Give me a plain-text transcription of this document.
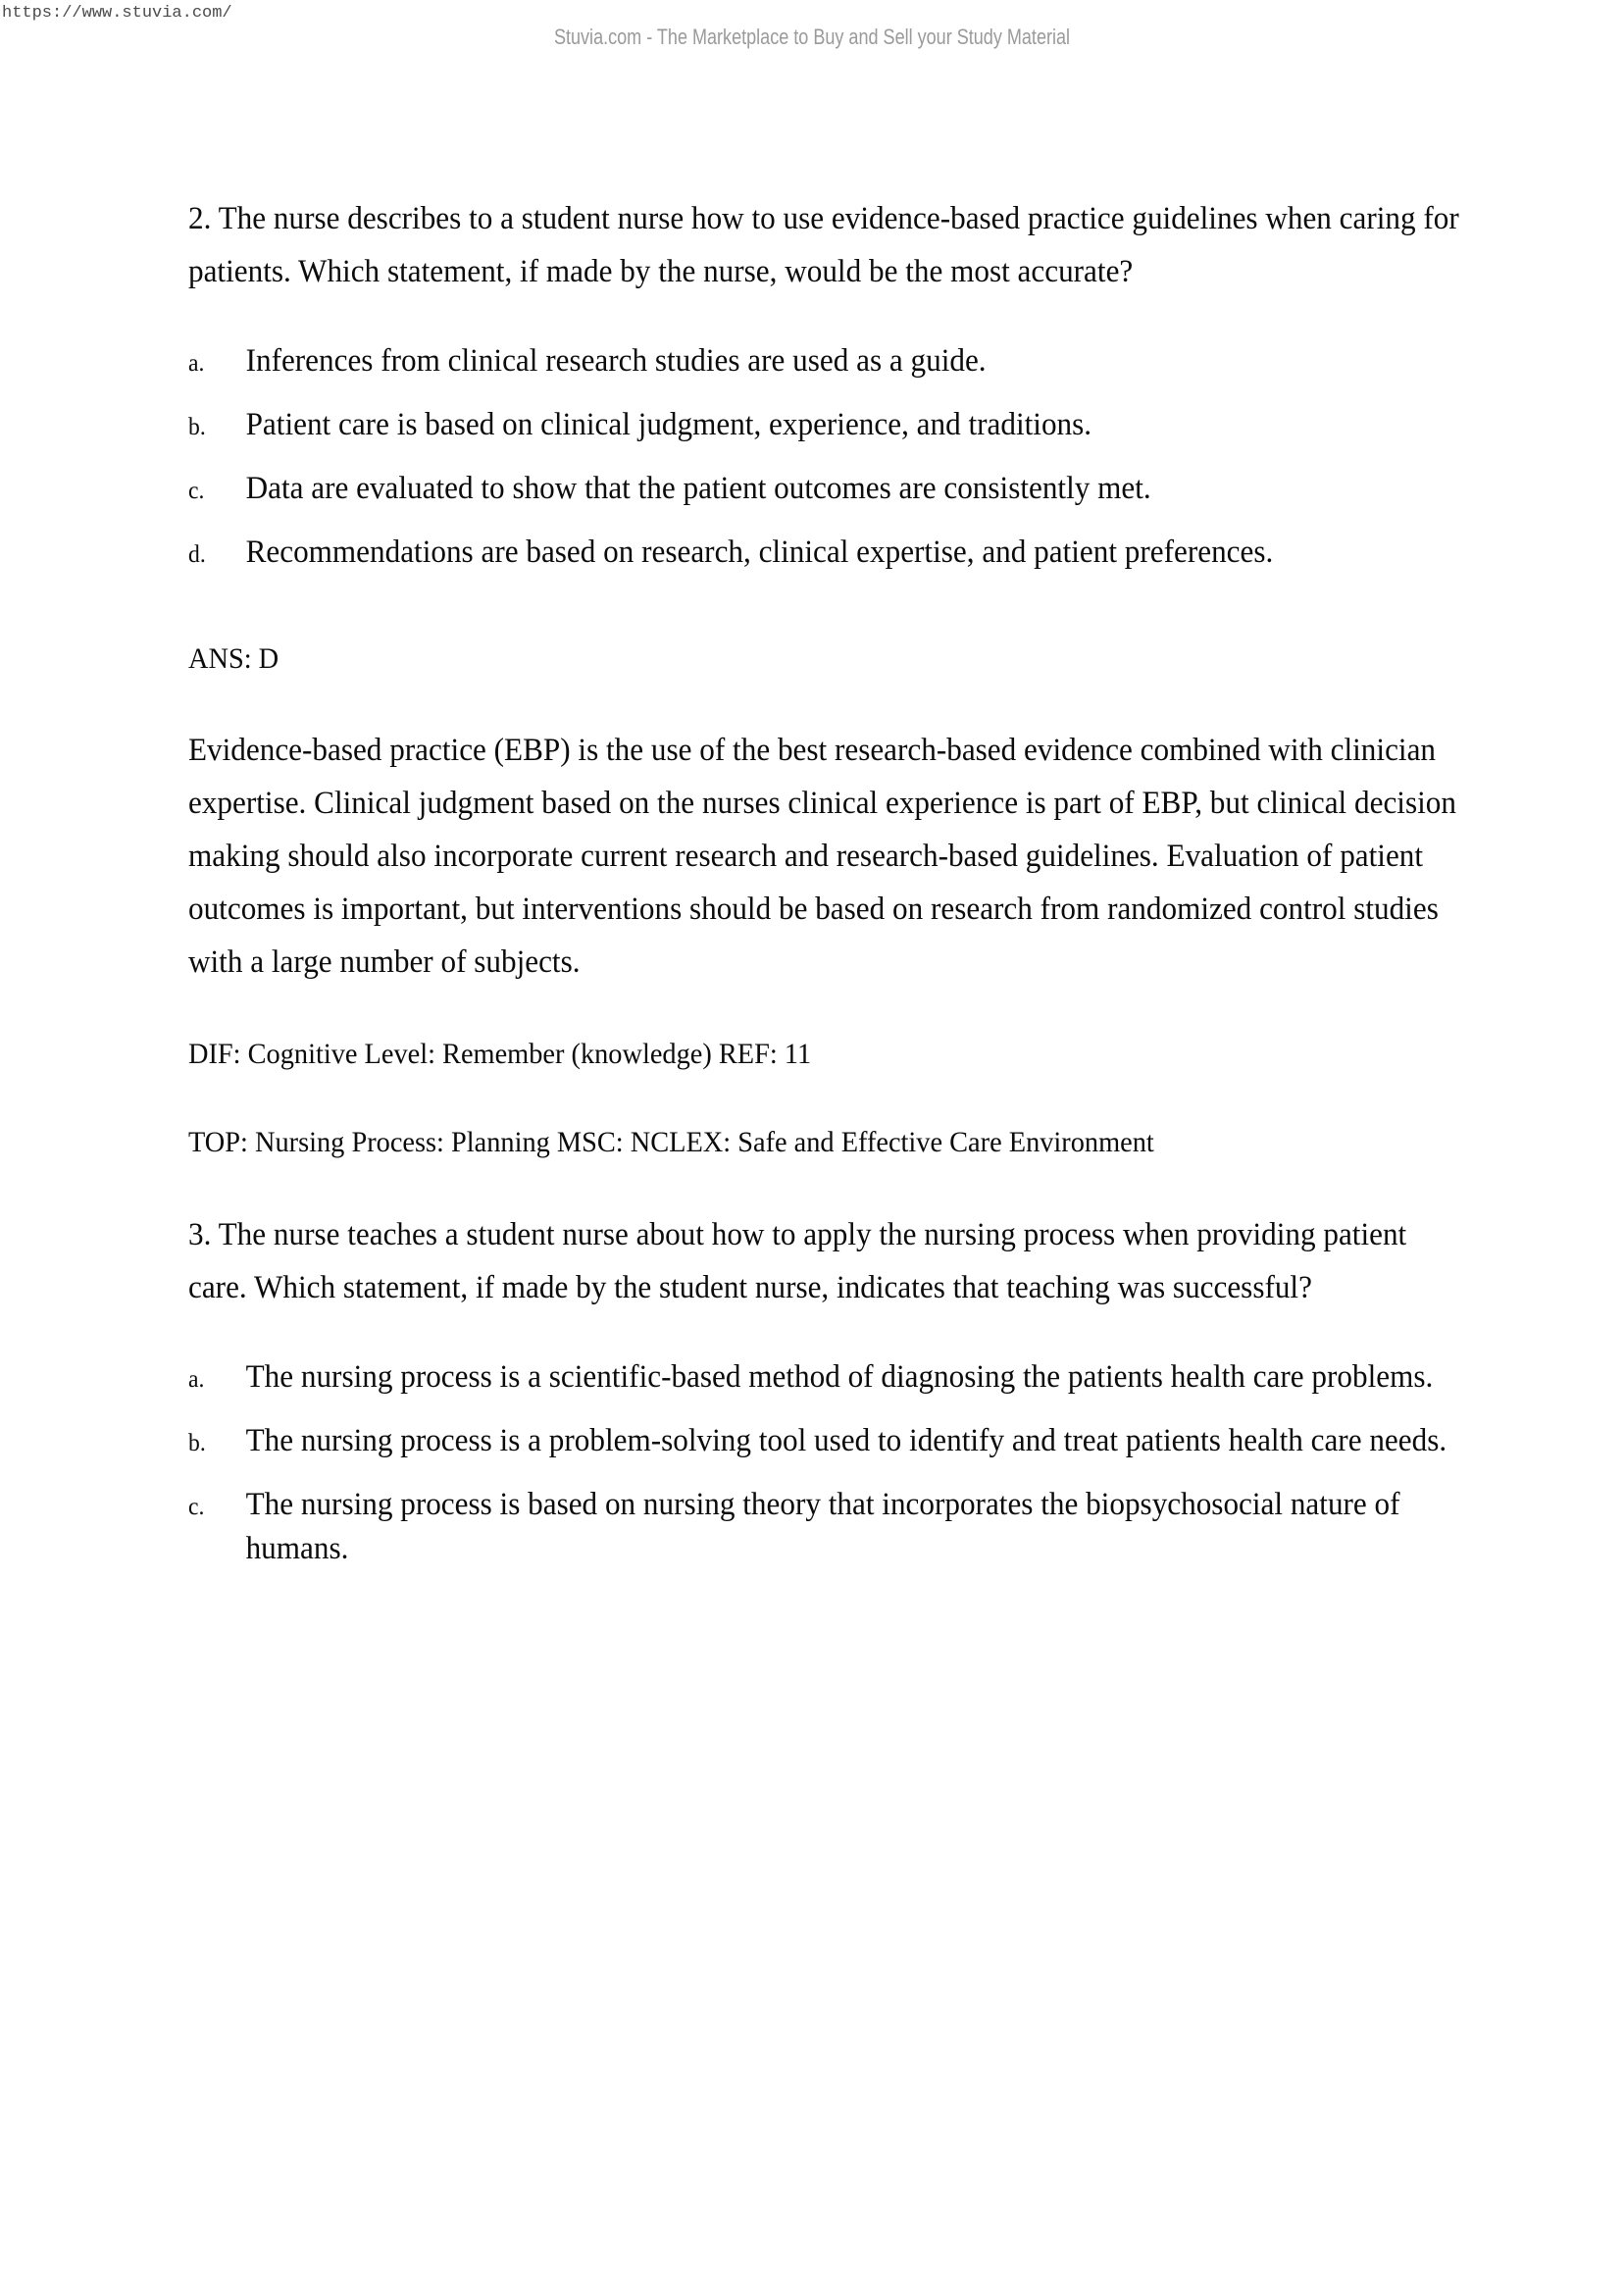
https://www.stuvia.com/
Stuvia.com - The Marketplace to Buy and Sell your Study Material
2. The nurse describes to a student nurse how to use evidence-based practice guidelines when caring for patients. Which statement, if made by the nurse, would be the most accurate?
a. Inferences from clinical research studies are used as a guide.
b. Patient care is based on clinical judgment, experience, and traditions.
c. Data are evaluated to show that the patient outcomes are consistently met.
d. Recommendations are based on research, clinical expertise, and patient preferences.
ANS: D
Evidence-based practice (EBP) is the use of the best research-based evidence combined with clinician expertise. Clinical judgment based on the nurses clinical experience is part of EBP, but clinical decision making should also incorporate current research and research-based guidelines. Evaluation of patient outcomes is important, but interventions should be based on research from randomized control studies with a large number of subjects.
DIF: Cognitive Level: Remember (knowledge) REF: 11
TOP: Nursing Process: Planning MSC: NCLEX: Safe and Effective Care Environment
3. The nurse teaches a student nurse about how to apply the nursing process when providing patient care. Which statement, if made by the student nurse, indicates that teaching was successful?
a. The nursing process is a scientific-based method of diagnosing the patients health care problems.
b. The nursing process is a problem-solving tool used to identify and treat patients health care needs.
c. The nursing process is based on nursing theory that incorporates the biopsychosocial nature of humans.
